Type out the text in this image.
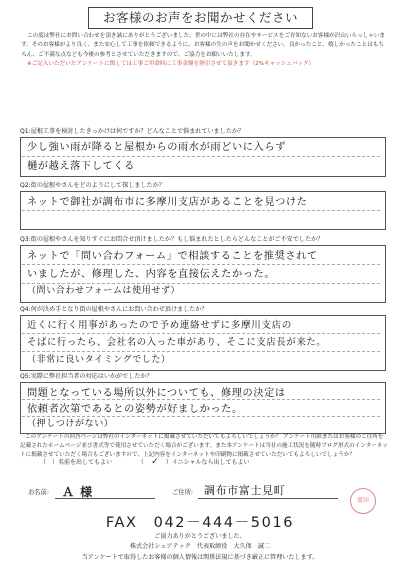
お客様のお声をお聞かせください

この度は弊社にお問い合わせを頂き誠にありがとうございました。世の中には弊社の存在やサービスをご存知ないお客様が沢山いらっしゃいます。そのお客様がより良く、また安心して工事を依頼できるように、お客様の生の声をお聞かせください。良かったこと、嬉しかったことはもちろん、ご不満な点なども今後の参考とさせていただきますので、ご協力をお願いいたします。

※ご記入いただいたアンケートに関しては工事ご用命時に工事金額を割引させて頂きます（2%キャッシュバック）

Q1:屋根工事を検討したきっかけは何ですか？どんなことで悩まれていましたか？
少し強い雨が降ると屋根からの雨水が雨どいに入らず
樋が越え落下してくる
Q2:街の屋根やさんをどのようにして探しましたか？
ネットで御社が調布市に多摩川支店があることを見つけた
Q3:街の屋根やさんを知りすぐにお問合せ頂けましたか？もし悩まれたとしたらどんなことがご不安でしたか？
ネットで「問い合わフォーム」で相談することを推奨されて
いましたが、修理した、内容を直接伝えたかった。
（問い合わせフォームは使用せず）
Q4:何が決め手となり街の屋根やさんにお問い合わせ頂けましたか？
近くに行く用事があったので予め連絡せずに多摩川支店の
そばに行ったら、会社名の入った車があり、そこに支店長が来た。
（非常に良いタイミングでした）
Q5:実際に弊社担当者の対応はいかがでしたか？
問題となっている場所以外についても、修理の決定は
依頼者次第であるとの姿勢が好ましかった。
（押しつけがない）

このアンケートの回答ページは弊社のインターネットに掲載させていただいてもよろしいでしょうか？ アンケート用紙またはお客様のご住所を記載されたホームページ並び書式等で使用させていただく場合がございます。また本アンケートは当社の施工状況を随時ブログ形式のインターネットに掲載させていただく場合もございますので、上記内容をインターネットや印刷物に掲載させていただいてもよろしいでしょうか？

（　）名前を出してもよい	（ ✓ ）イニシャルなら出してもよい
お名前: Ａ 様	ご住所: 調布市富士見町
富田
FAX　042－444－5016
ご協力ありがとうございました。
株式会社シェアテック　代表取締役　大久保　誠二
当アンケートで取得したお客様の個人情報は関係法規に基づき厳正に管理いたします。
